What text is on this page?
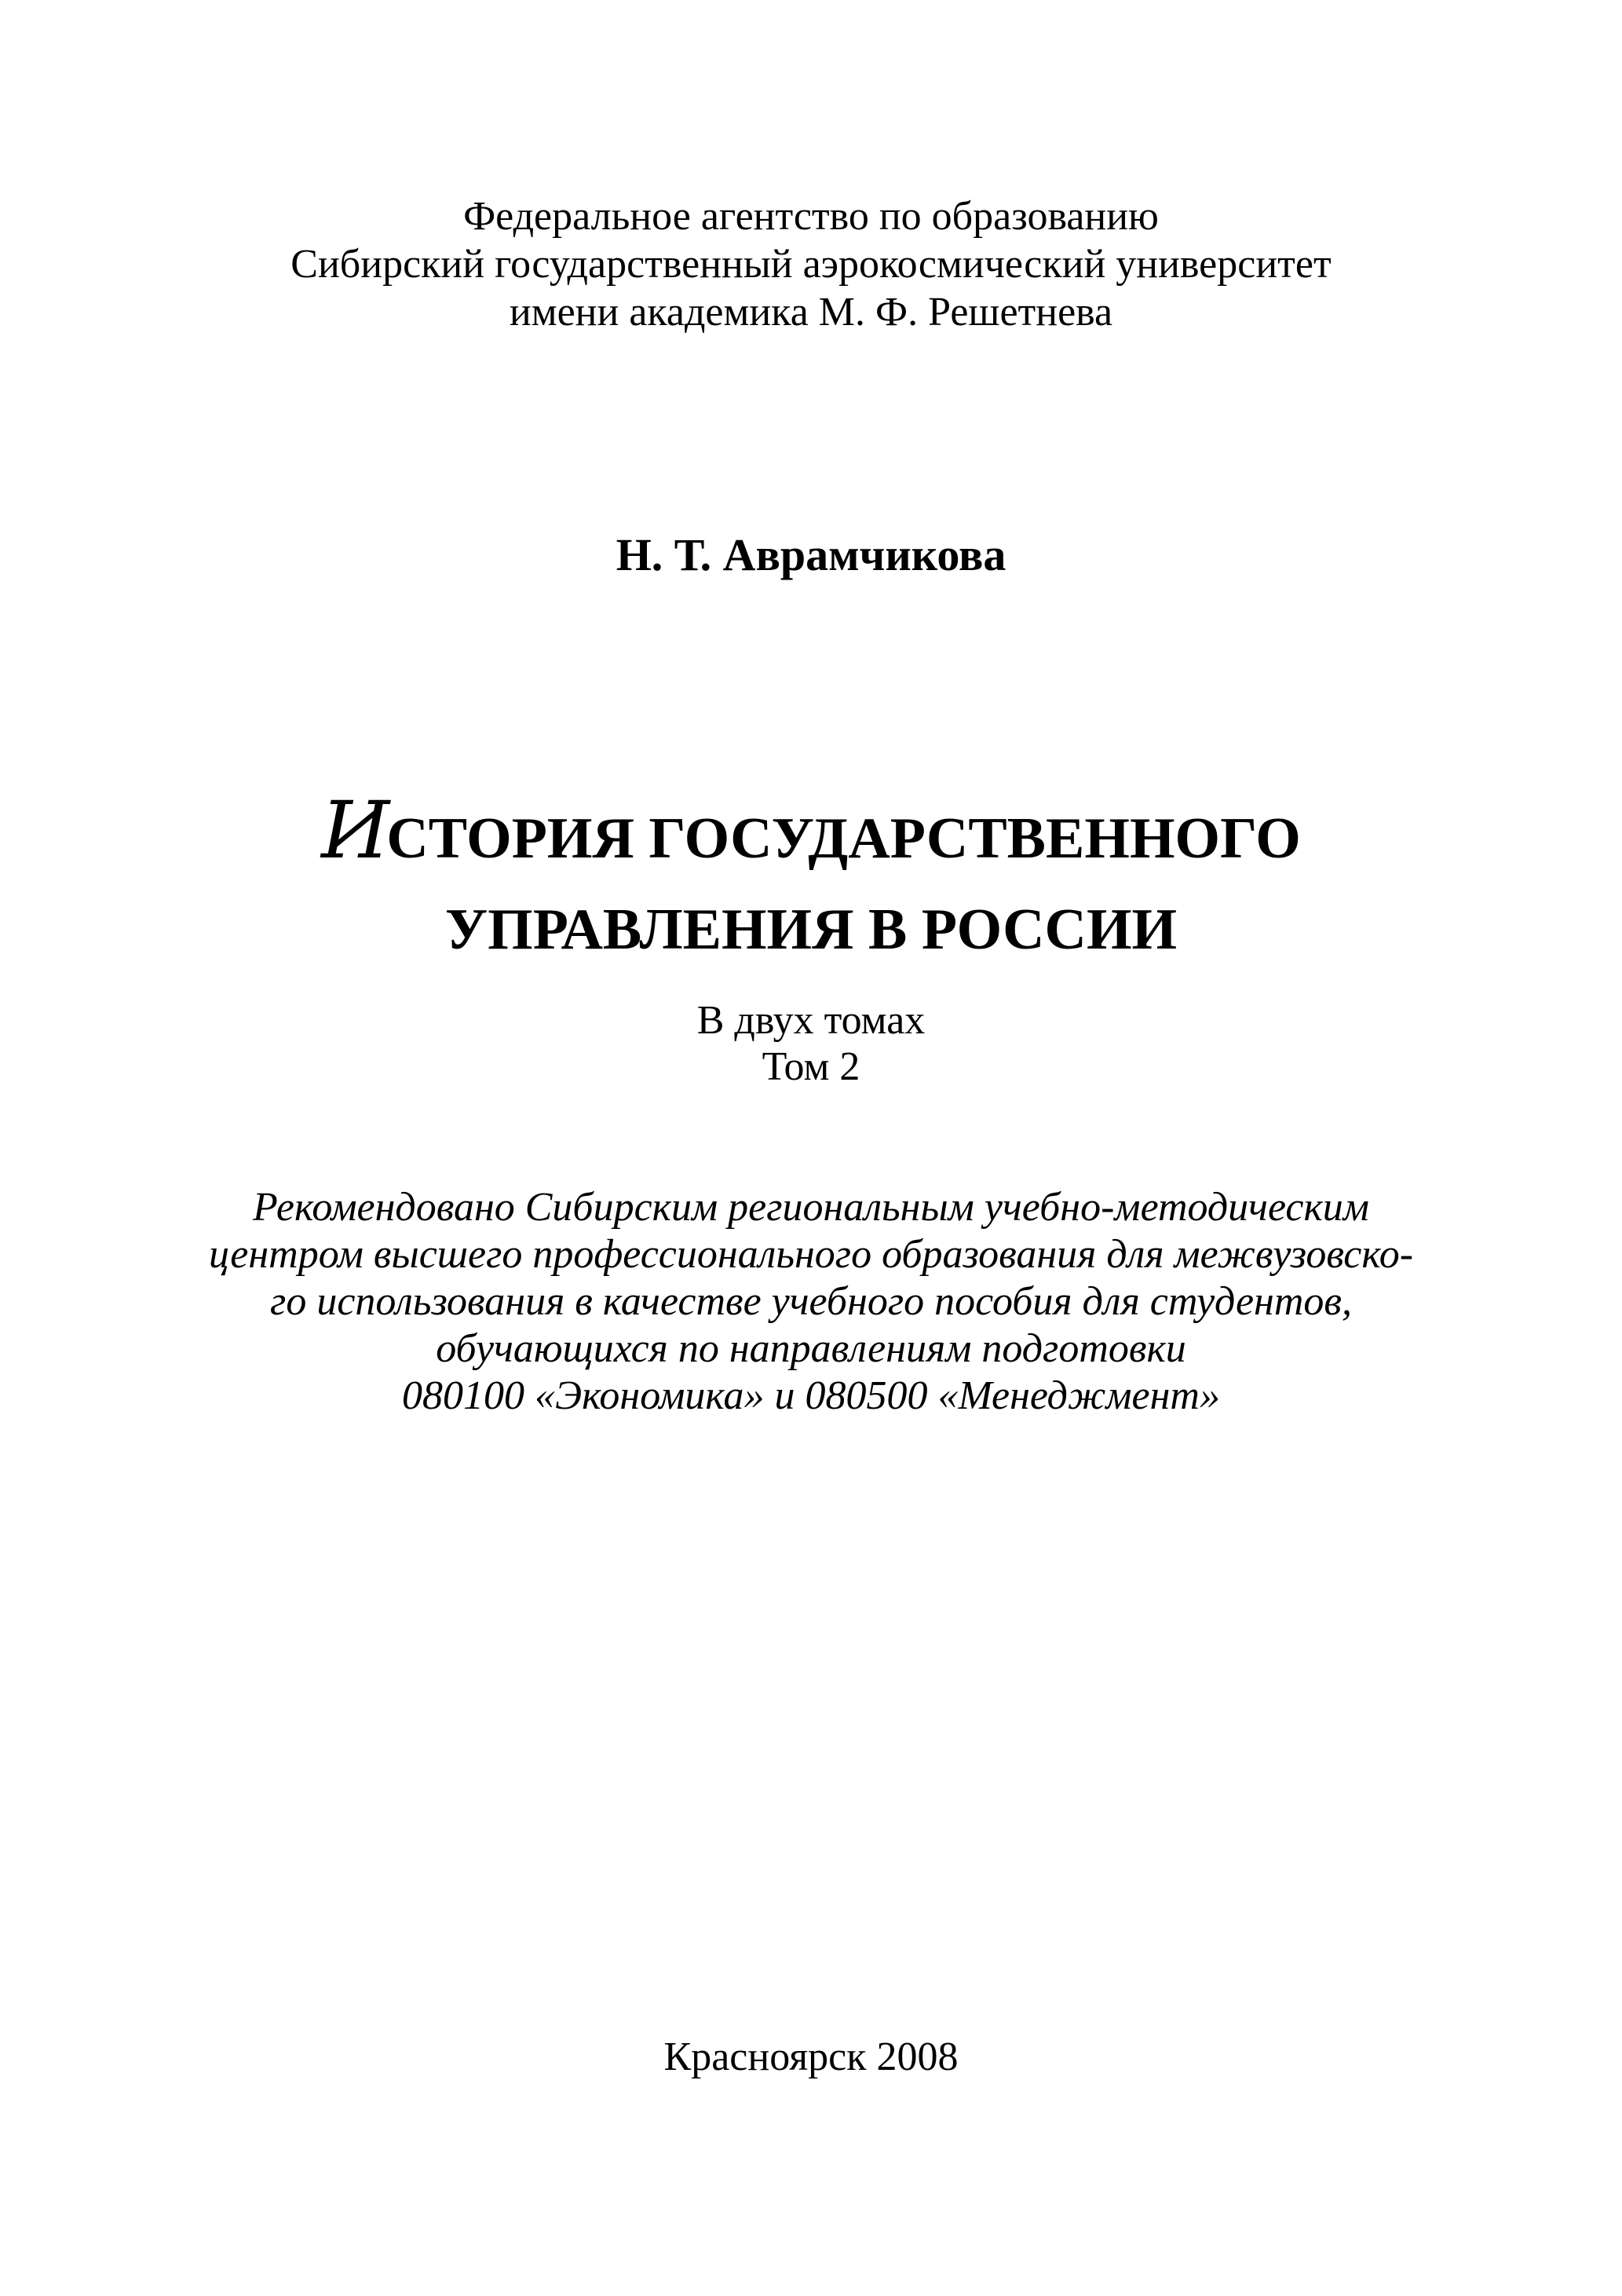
Федеральное агентство по образованию
Сибирский государственный аэрокосмический университет
имени академика М. Ф. Решетнева
Н. Т. Аврамчикова
ИСТОРИЯ ГОСУДАРСТВЕННОГО
УПРАВЛЕНИЯ В РОССИИ
В двух томах
Том 2
Рекомендовано Сибирским региональным учебно-методическим
центром высшего профессионального образования для межвузовско-
го использования в качестве учебного пособия для студентов,
обучающихся по направлениям подготовки
080100 «Экономика» и 080500 «Менеджмент»
Красноярск 2008
